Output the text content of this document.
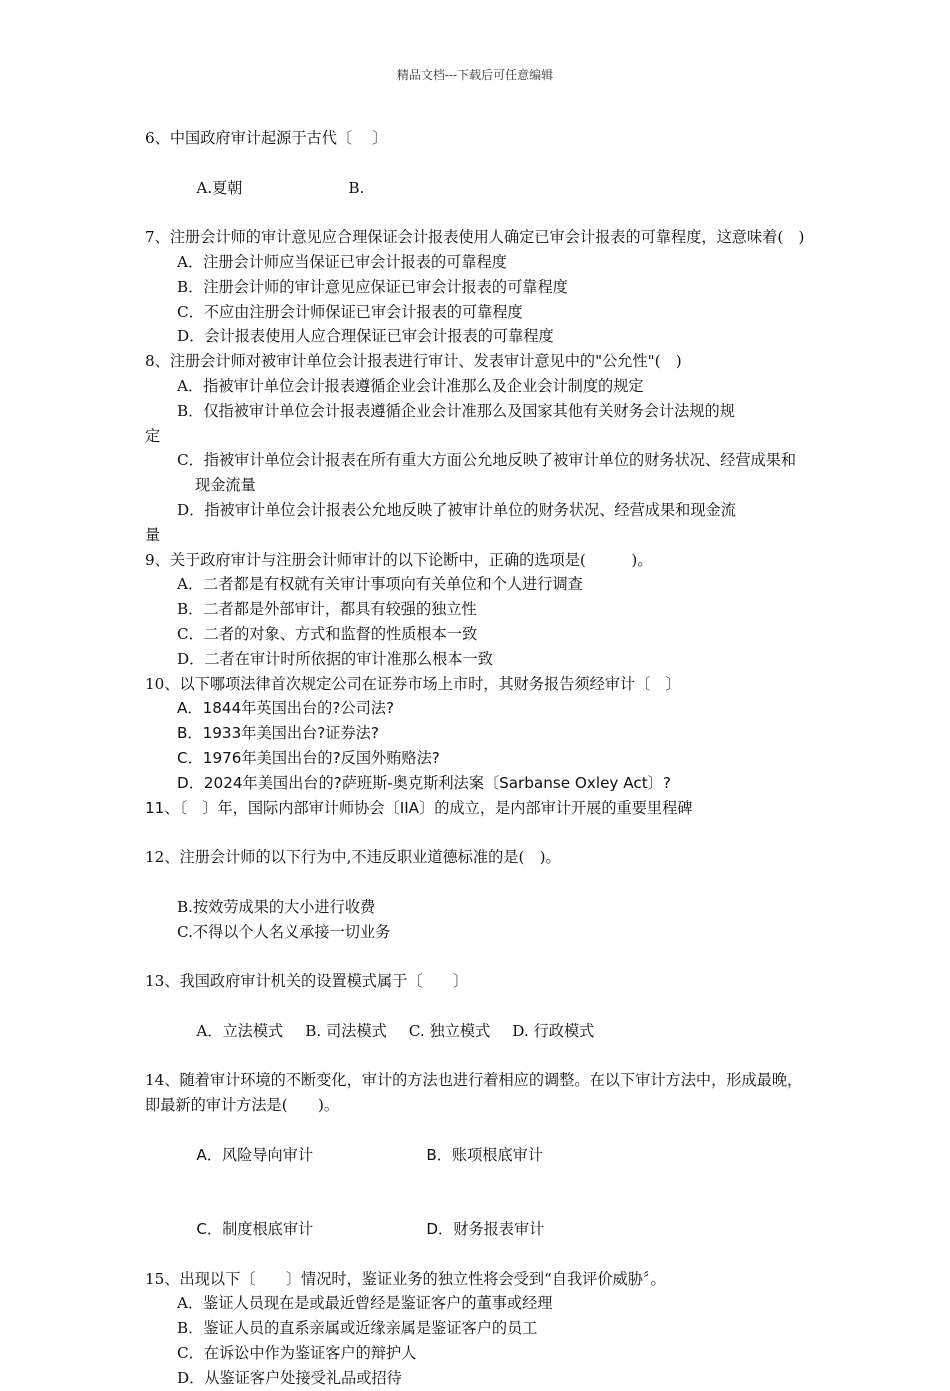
精品文档---下载后可任意编辑
6、中国政府审计起源于古代〔　 〕

A.夏朝	B.

7、注册会计师的审计意见应合理保证会计报表使用人确定已审会计报表的可靠程度，这意味着(　)
A．注册会计师应当保证已审会计报表的可靠程度
B．注册会计师的审计意见应保证已审会计报表的可靠程度
C．不应由注册会计师保证已审会计报表的可靠程度
D．会计报表使用人应合理保证已审会计报表的可靠程度
8、注册会计师对被审计单位会计报表进行审计、发表审计意见中的"公允性"(　)
A．指被审计单位会计报表遵循企业会计准那么及企业会计制度的规定
B．仅指被审计单位会计报表遵循企业会计准那么及国家其他有关财务会计法规的规
定
C．指被审计单位会计报表在所有重大方面公允地反映了被审计单位的财务状况、经营成果和现金流量
D．指被审计单位会计报表公允地反映了被审计单位的财务状况、经营成果和现金流
量
9、关于政府审计与注册会计师审计的以下论断中，正确的选项是(　　　)。
A．二者都是有权就有关审计事项向有关单位和个人进行调查
B．二者都是外部审计，都具有较强的独立性
C．二者的对象、方式和监督的性质根本一致
D．二者在审计时所依据的审计准那么根本一致
10、以下哪项法律首次规定公司在证券市场上市时，其财务报告须经审计〔　〕
A．1844年英国出台的?公司法?
B．1933年美国出台?证券法?
C．1976年美国出台的?反国外贿赂法?
D．2024年美国出台的?萨班斯-奥克斯利法案〔Sarbanse Oxley Act〕?
11、〔　〕年，国际内部审计师协会〔IIA〕的成立，是内部审计开展的重要里程碑
12、注册会计师的以下行为中,不违反职业道德标准的是(　)。
B.按效劳成果的大小进行收费
C.不得以个人名义承接一切业务
13、我国政府审计机关的设置模式属于〔　　〕

A．立法模式 B. 司法模式 C. 独立模式 D. 行政模式

14、随着审计环境的不断变化，审计的方法也进行着相应的调整。在以下审计方法中，形成最晚，即最新的审计方法是(　　)。

A．风险导向审计	B．账项根底审计

C．制度根底审计	D．财务报表审计

15、出现以下〔　　〕情况时，鉴证业务的独立性将会受到“自我评价威胁〞。
A．鉴证人员现在是或最近曾经是鉴证客户的董事或经理
B．鉴证人员的直系亲属或近缘亲属是鉴证客户的员工
C．在诉讼中作为鉴证客户的辩护人
D．从鉴证客户处接受礼品或招待
